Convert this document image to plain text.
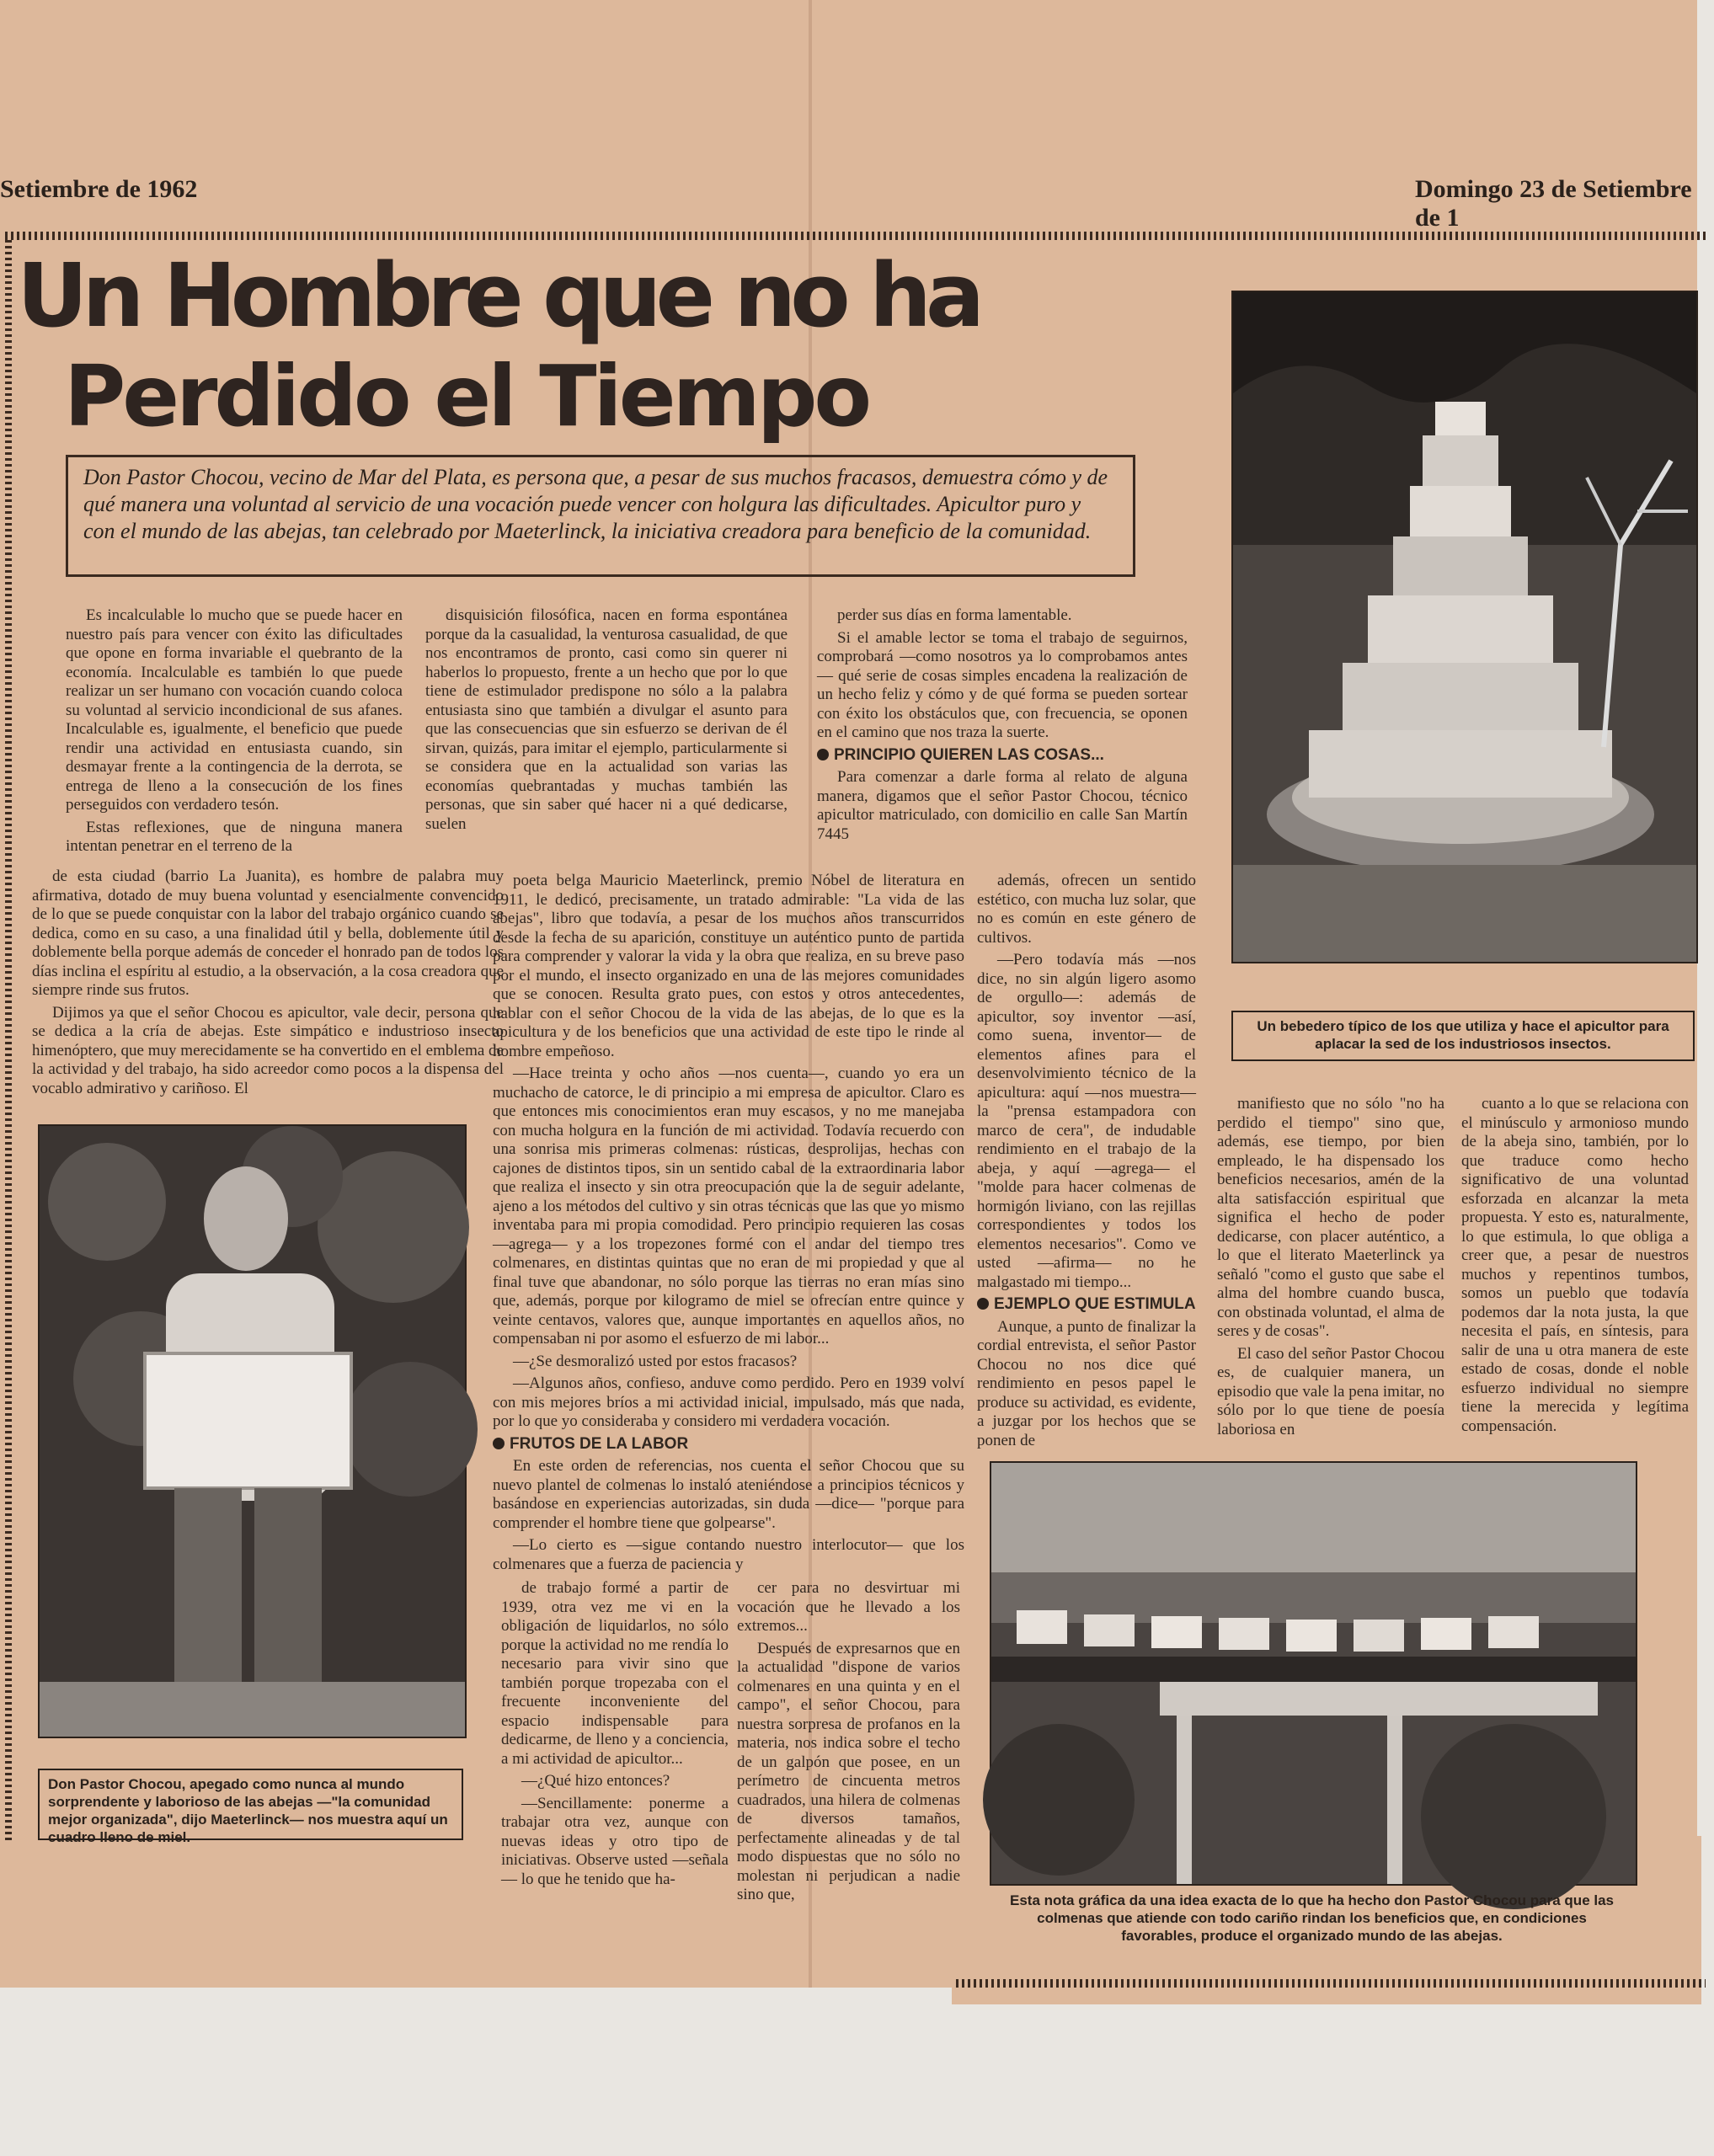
Setiembre de 1962	Domingo 23 de Setiembre de 1
Un Hombre que no ha
Perdido el Tiempo
Don Pastor Chocou, vecino de Mar del Plata, es persona que, a pesar de sus muchos fracasos, demuestra cómo y de qué manera una voluntad al servicio de una vocación puede vencer con holgura las dificultades. Apicultor puro y con el mundo de las abejas, tan celebrado por Maeterlinck, la iniciativa creadora para beneficio de la comunidad.
Un bebedero típico de los que utiliza y hace el apicultor para aplacar la sed de los industriosos insectos.

Es incalculable lo mucho que se puede hacer en nuestro país para vencer con éxito las dificultades que opone en forma invariable el quebranto de la economía. Incalculable es también lo que puede realizar un ser humano con vocación cuando coloca su voluntad al servicio incondicional de sus afanes. Incalculable es, igualmente, el beneficio que puede rendir una actividad en entusiasta cuando, sin desmayar frente a la contingencia de la derrota, se entrega de lleno a la consecución de los fines perseguidos con verdadero tesón.

Estas reflexiones, que de ninguna manera intentan penetrar en el terreno de la

disquisición filosófica, nacen en forma espontánea porque da la casualidad, la venturosa casualidad, de que nos encontramos de pronto, casi como sin querer ni haberlos lo propuesto, frente a un hecho que por lo que tiene de estimulador predispone no sólo a la palabra entusiasta sino que también a divulgar el asunto para que las consecuencias que sin esfuerzo se derivan de él sirvan, quizás, para imitar el ejemplo, particularmente si se considera que en la actualidad son varias las economías quebrantadas y muchas también las personas, que sin saber qué hacer ni a qué dedicarse, suelen

perder sus días en forma lamentable.

Si el amable lector se toma el trabajo de seguirnos, comprobará —como nosotros ya lo comprobamos antes— qué serie de cosas simples encadena la realización de un hecho feliz y cómo y de qué forma se pueden sortear con éxito los obstáculos que, con frecuencia, se oponen en el camino que nos traza la suerte.

PRINCIPIO QUIEREN LAS COSAS...

Para comenzar a darle forma al relato de alguna manera, digamos que el señor Pastor Chocou, técnico apicultor matriculado, con domicilio en calle San Martín 7445

de esta ciudad (barrio La Juanita), es hombre de palabra muy afirmativa, dotado de muy buena voluntad y esencialmente convencido de lo que se puede conquistar con la labor del trabajo orgánico cuando se dedica, como en su caso, a una finalidad útil y bella, doblemente útil y doblemente bella porque además de conceder el honrado pan de todos los días inclina el espíritu al estudio, a la observación, a la cosa creadora que siempre rinde sus frutos.

Dijimos ya que el señor Chocou es apicultor, vale decir, persona que se dedica a la cría de abejas. Este simpático e industrioso insecto himenóptero, que muy merecidamente se ha convertido en el emblema de la actividad y del trabajo, ha sido acreedor como pocos a la dispensa del vocablo admirativo y cariñoso. El

poeta belga Mauricio Maeterlinck, premio Nóbel de literatura en 1911, le dedicó, precisamente, un tratado admirable: "La vida de las abejas", libro que todavía, a pesar de los muchos años transcurridos desde la fecha de su aparición, constituye un auténtico punto de partida para comprender y valorar la vida y la obra que realiza, en su breve paso por el mundo, el insecto organizado en una de las mejores comunidades que se conocen. Resulta grato pues, con estos y otros antecedentes, hablar con el señor Chocou de la vida de las abejas, de lo que es la apicultura y de los beneficios que una actividad de este tipo le rinde al hombre empeñoso.

—Hace treinta y ocho años —nos cuenta—, cuando yo era un muchacho de catorce, le di principio a mi empresa de apicultor. Claro es que entonces mis conocimientos eran muy escasos, y no me manejaba con mucha holgura en la función de mi actividad. Todavía recuerdo con una sonrisa mis primeras colmenas: rústicas, desprolijas, hechas con cajones de distintos tipos, sin un sentido cabal de la extraordinaria labor que realiza el insecto y sin otra preocupación que la de seguir adelante, ajeno a los métodos del cultivo y sin otras técnicas que las que yo mismo inventaba para mi propia comodidad. Pero principio requieren las cosas —agrega— y a los tropezones formé con el andar del tiempo tres colmenares, en distintas quintas que no eran de mi propiedad y que al final tuve que abandonar, no sólo porque las tierras no eran mías sino que, además, porque por kilogramo de miel se ofrecían entre quince y veinte centavos, valores que, aunque importantes en aquellos años, no compensaban ni por asomo el esfuerzo de mi labor...

—¿Se desmoralizó usted por estos fracasos?

—Algunos años, confieso, anduve como perdido. Pero en 1939 volví con mis mejores bríos a mi actividad inicial, impulsado, más que nada, por lo que yo consideraba y considero mi verdadera vocación.

FRUTOS DE LA LABOR

En este orden de referencias, nos cuenta el señor Chocou que su nuevo plantel de colmenas lo instaló ateniéndose a principios técnicos y basándose en experiencias autorizadas, sin duda —dice— "porque para comprender el hombre tiene que golpearse".

—Lo cierto es —sigue contando nuestro interlocutor— que los colmenares que a fuerza de paciencia y

además, ofrecen un sentido estético, con mucha luz solar, que no es común en este género de cultivos.

—Pero todavía más —nos dice, no sin algún ligero asomo de orgullo—: además de apicultor, soy inventor —así, como suena, inventor— de elementos afines para el desenvolvimiento técnico de la apicultura: aquí —nos muestra— la "prensa estampadora con marco de cera", de indudable rendimiento en el trabajo de la abeja, y aquí —agrega— el "molde para hacer colmenas de hormigón liviano, con las rejillas correspondientes y todos los elementos necesarios". Como ve usted —afirma— no he malgastado mi tiempo...

EJEMPLO QUE ESTIMULA

Aunque, a punto de finalizar la cordial entrevista, el señor Pastor Chocou no nos dice qué rendimiento en pesos papel le produce su actividad, es evidente, a juzgar por los hechos que se ponen de

manifiesto que no sólo "no ha perdido el tiempo" sino que, además, ese tiempo, por bien empleado, le ha dispensado los beneficios necesarios, amén de la alta satisfacción espiritual que significa el hecho de poder dedicarse, con placer auténtico, a lo que el literato Maeterlinck ya señaló "como el gusto que sabe el alma del hombre cuando busca, con obstinada voluntad, el alma de seres y de cosas".

El caso del señor Pastor Chocou es, de cualquier manera, un episodio que vale la pena imitar, no sólo por lo que tiene de poesía laboriosa en

cuanto a lo que se relaciona con el minúsculo y armonioso mundo de la abeja sino, también, por lo que traduce como hecho significativo de una voluntad esforzada en alcanzar la meta propuesta. Y esto es, naturalmente, lo que estimula, lo que obliga a creer que, a pesar de nuestros muchos y repentinos tumbos, somos un pueblo que todavía podemos dar la nota justa, la que necesita el país, en síntesis, para salir de una u otra manera de este estado de cosas, donde el noble esfuerzo individual no siempre tiene la merecida y legítima compensación.

Don Pastor Chocou, apegado como nunca al mundo sorprendente y laborioso de las abejas —"la comunidad mejor organizada", dijo Maeterlinck— nos muestra aquí un cuadro lleno de miel.

de trabajo formé a partir de 1939, otra vez me vi en la obligación de liquidarlos, no sólo porque la actividad no me rendía lo necesario para vivir sino que también porque tropezaba con el frecuente inconveniente del espacio indispensable para dedicarme, de lleno y a conciencia, a mi actividad de apicultor...

—¿Qué hizo entonces?

—Sencillamente: ponerme a trabajar otra vez, aunque con nuevas ideas y otro tipo de iniciativas. Observe usted —señala— lo que he tenido que ha-

cer para no desvirtuar mi vocación que he llevado a los extremos...

Después de expresarnos que en la actualidad "dispone de varios colmenares en una quinta y en el campo", el señor Chocou, para nuestra sorpresa de profanos en la materia, nos indica sobre el techo de un galpón que posee, en un perímetro de cincuenta metros cuadrados, una hilera de colmenas de diversos tamaños, perfectamente alineadas y de tal modo dispuestas que no sólo no molestan ni perjudican a nadie sino que,	Esta nota gráfica da una idea exacta de lo que ha hecho don Pastor Chocou para que las colmenas que atiende con todo cariño rindan los beneficios que, en condiciones favorables, produce el organizado mundo de las abejas.
